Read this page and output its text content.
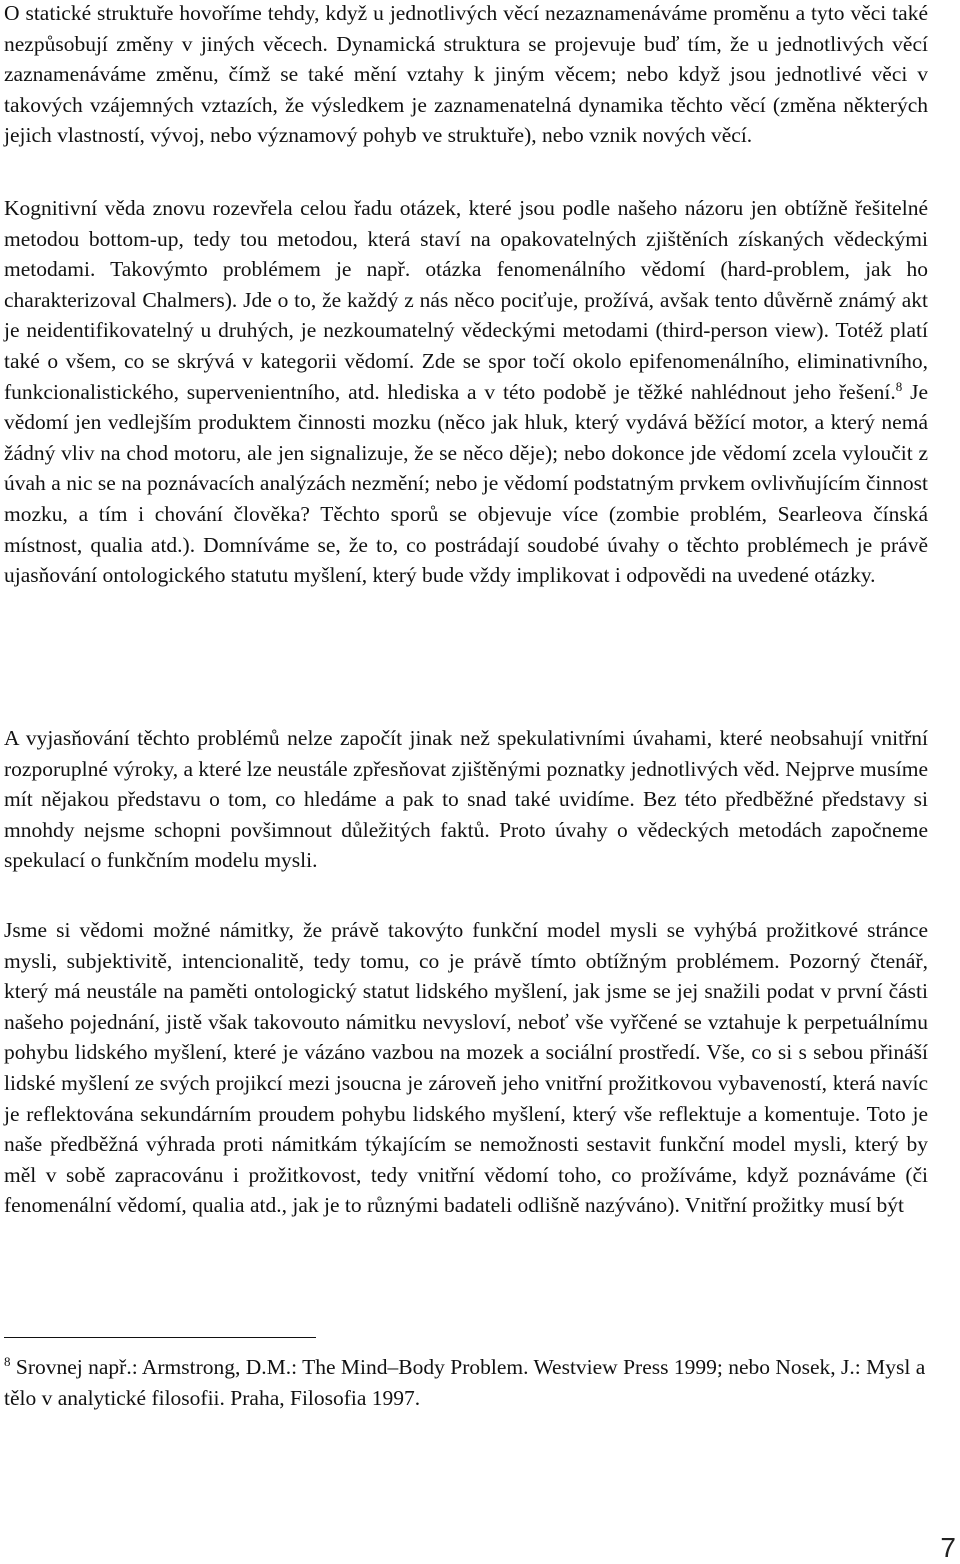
O statické struktuře hovoříme tehdy, když u jednotlivých věcí nezaznamenáváme proměnu a tyto věci také nezpůsobují změny v jiných věcech. Dynamická struktura se projevuje buď tím, že u jednotlivých věcí zaznamenáváme změnu, čímž se také mění vztahy k jiným věcem; nebo když jsou jednotlivé věci v takových vzájemných vztazích, že výsledkem je zaznamenatelná dynamika těchto věcí (změna některých jejich vlastností, vývoj, nebo významový pohyb ve struktuře), nebo vznik nových věcí.

Kognitivní věda znovu rozevřela celou řadu otázek, které jsou podle našeho názoru jen obtížně řešitelné metodou bottom-up, tedy tou metodou, která staví na opakovatelných zjištěních získaných vědeckými metodami. Takovýmto problémem je např. otázka fenomenálního vědomí (hard-problem, jak ho charakterizoval Chalmers). Jde o to, že každý z nás něco pociťuje, prožívá, avšak tento důvěrně známý akt je neidentifikovatelný u druhých, je nezkoumatelný vědeckými metodami (third-person view). Totéž platí také o všem, co se skrývá v kategorii vědomí. Zde se spor točí okolo epifenomenálního, eliminativního, funkcionalistického, supervenientního, atd. hlediska a v této podobě je těžké nahlédnout jeho řešení.$^8$ Je vědomí jen vedlejším produktem činnosti mozku (něco jak hluk, který vydává běžící motor, a který nemá žádný vliv na chod motoru, ale jen signalizuje, že se něco děje); nebo dokonce jde vědomí zcela vyloučit z úvah a nic se na poznávacích analýzách nezmění; nebo je vědomí podstatným prvkem ovlivňujícím činnost mozku, a tím i chování člověka? Těchto sporů se objevuje více (zombie problém, Searleova čínská místnost, qualia atd.). Domníváme se, že to, co postrádají soudobé úvahy o těchto problémech je právě ujasňování ontologického statutu myšlení, který bude vždy implikovat i odpovědi na uvedené otázky.

A vyjasňování těchto problémů nelze započít jinak než spekulativními úvahami, které neobsahují vnitřní rozporuplné výroky, a které lze neustále zpřesňovat zjištěnými poznatky jednotlivých věd. Nejprve musíme mít nějakou představu o tom, co hledáme a pak to snad také uvidíme. Bez této předběžné představy si mnohdy nejsme schopni povšimnout důležitých faktů. Proto úvahy o vědeckých metodách započneme spekulací o funkčním modelu mysli.

Jsme si vědomi možné námitky, že právě takovýto funkční model mysli se vyhýbá prožitkové stránce mysli, subjektivitě, intencionalitě, tedy tomu, co je právě tímto obtížným problémem. Pozorný čtenář, který má neustále na paměti ontologický statut lidského myšlení, jak jsme se jej snažili podat v první části našeho pojednání, jistě však takovouto námitku nevysloví, neboť vše vyřčené se vztahuje k perpetuálnímu pohybu lidského myšlení, které je vázáno vazbou na mozek a sociální prostředí. Vše, co si s sebou přináší lidské myšlení ze svých projikcí mezi jsoucna je zároveň jeho vnitřní prožitkovou vybaveností, která navíc je reflektována sekundárním proudem pohybu lidského myšlení, který vše reflektuje a komentuje. Toto je naše předběžná výhrada proti námitkám týkajícím se nemožnosti sestavit funkční model mysli, který by měl v sobě zapracovánu i prožitkovost, tedy vnitřní vědomí toho, co prožíváme, když poznáváme (či fenomenální vědomí, qualia atd., jak je to různými badateli odlišně nazýváno). Vnitřní prožitky musí být

$^8$ Srovnej např.: Armstrong, D.M.: The Mind–Body Problem. Westview Press 1999; nebo Nosek, J.: Mysl a tělo v analytické filosofii. Praha, Filosofia 1997.

7
